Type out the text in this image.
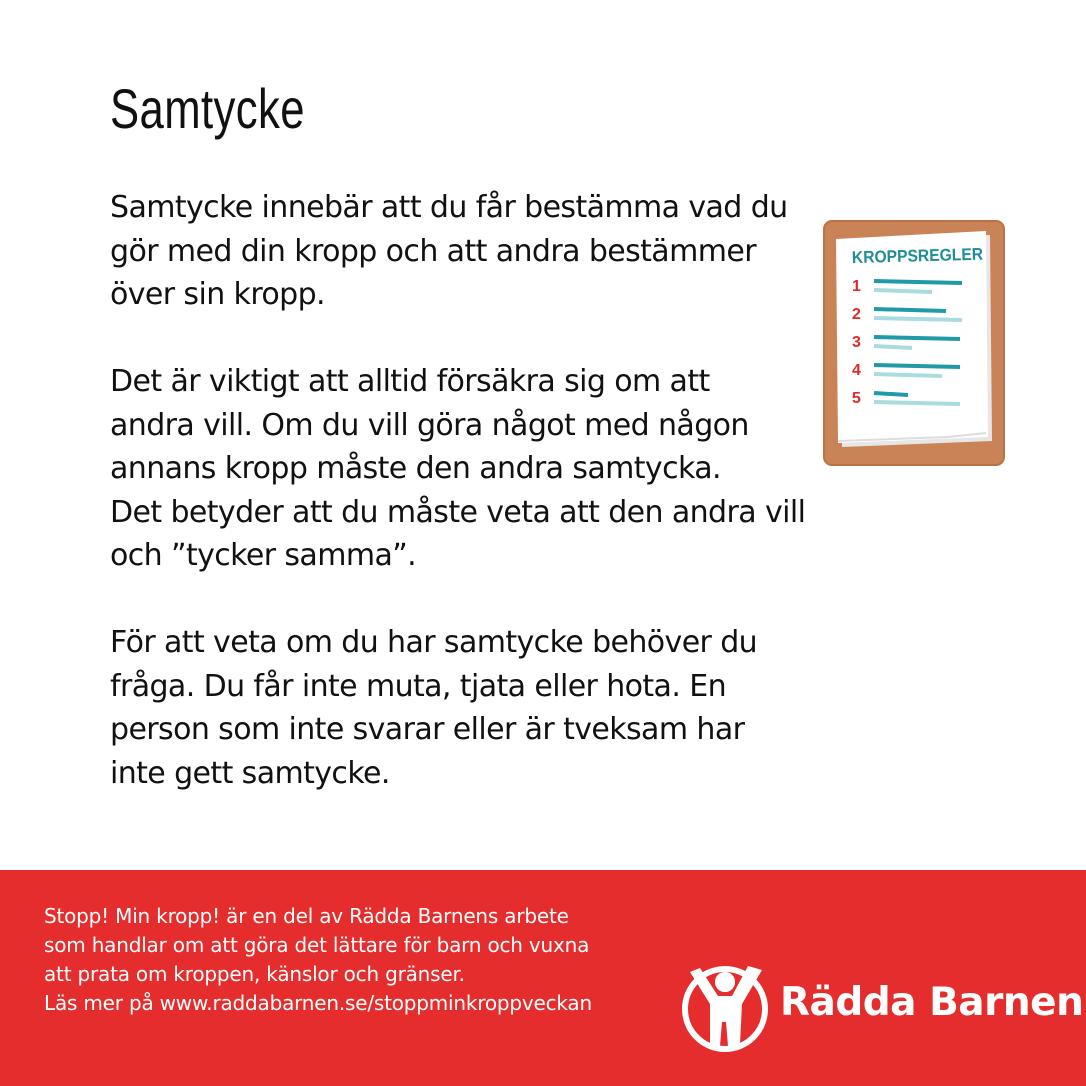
Samtycke

Samtycke innebär att du får bestämma vad du
gör med din kropp och att andra bestämmer
över sin kropp.

Det är viktigt att alltid försäkra sig om att
andra vill. Om du vill göra något med någon
annans kropp måste den andra samtycka.
Det betyder att du måste veta att den andra vill
och ”tycker samma”.

För att veta om du har samtycke behöver du
fråga. Du får inte muta, tjata eller hota. En
person som inte svarar eller är tveksam har
inte gett samtycke.

KROPPSREGLER
1
2
3
4
5
Stopp! Min kropp! är en del av Rädda Barnens arbete
som handlar om att göra det lättare för barn och vuxna
att prata om kroppen, känslor och gränser.
Läs mer på www.raddabarnen.se/stoppminkroppveckan	Rädda Barnen
